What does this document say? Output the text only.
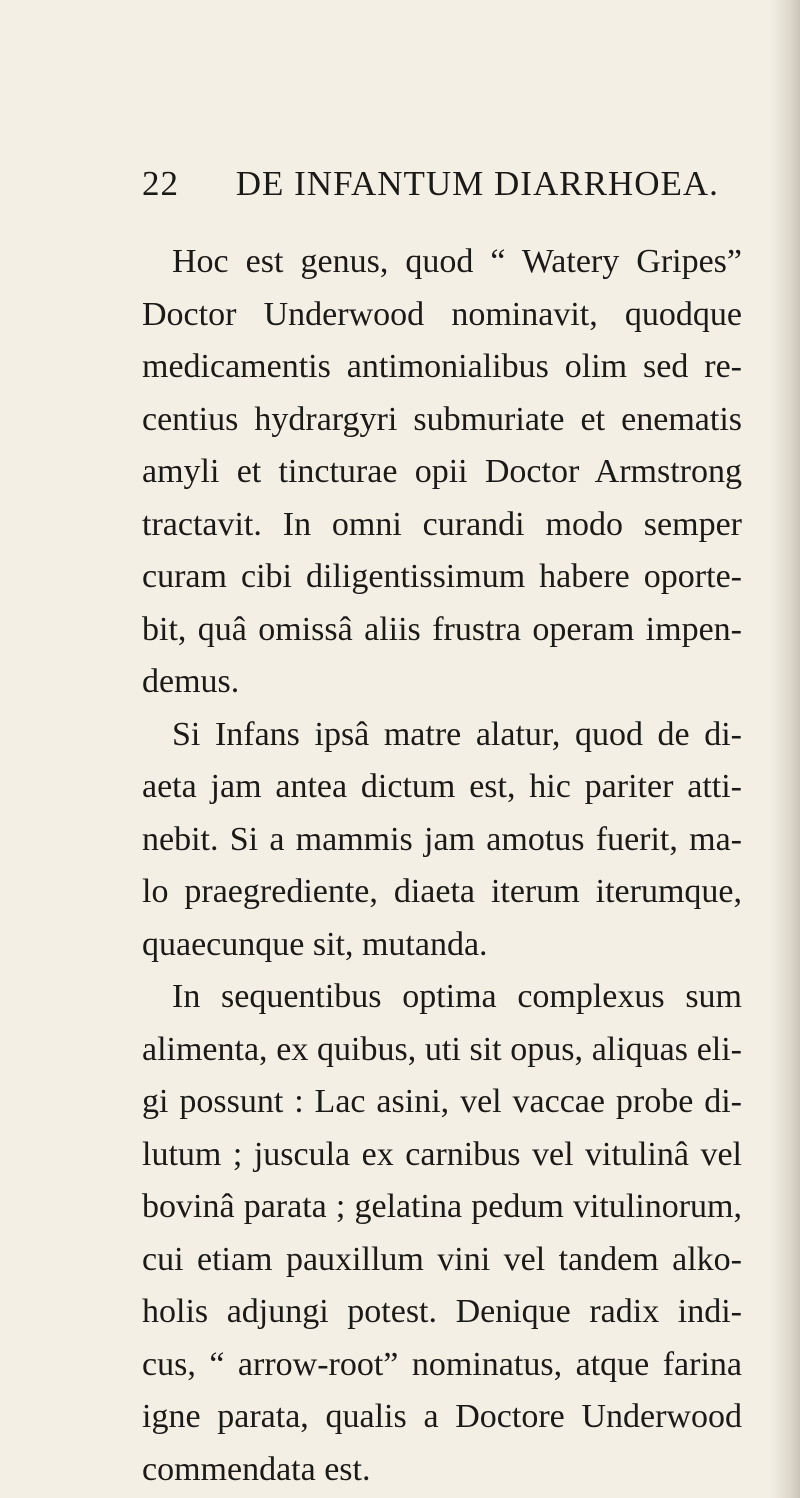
22 DE INFANTUM DIARRHOEA.
Hoc est genus, quod “ Watery Gripes”
Doctor Underwood nominavit, quodque
medicamentis antimonialibus olim sed re-
centius hydrargyri submuriate et enematis
amyli et tincturae opii Doctor Armstrong
tractavit. In omni curandi modo semper
curam cibi diligentissimum habere oporte-
bit, quâ omissâ aliis frustra operam impen-
demus.
Si Infans ipsâ matre alatur, quod de di-
aeta jam antea dictum est, hic pariter atti-
nebit. Si a mammis jam amotus fuerit, ma-
lo praegrediente, diaeta iterum iterumque,
quaecunque sit, mutanda.
In sequentibus optima complexus sum
alimenta, ex quibus, uti sit opus, aliquas eli-
gi possunt : Lac asini, vel vaccae probe di-
lutum ; juscula ex carnibus vel vitulinâ vel
bovinâ parata ; gelatina pedum vitulinorum,
cui etiam pauxillum vini vel tandem alko-
holis adjungi potest. Denique radix indi-
cus, “ arrow-root” nominatus, atque farina
igne parata, qualis a Doctore Underwood
commendata est.
